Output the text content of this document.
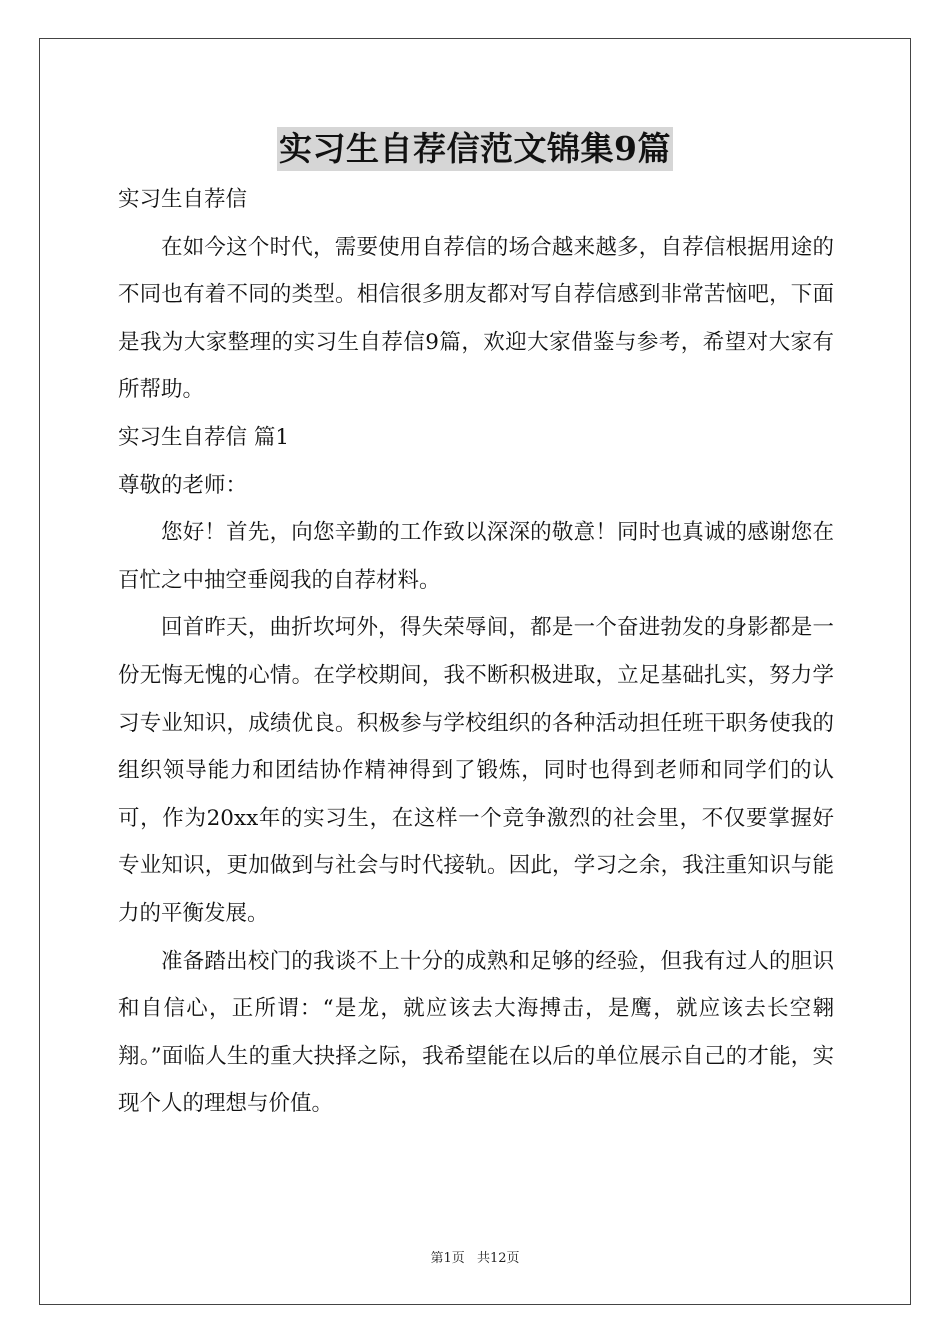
实习生自荐信范文锦集9篇

实习生自荐信

在如今这个时代，需要使用自荐信的场合越来越多，自荐信根据用途的不同也有着不同的类型。相信很多朋友都对写自荐信感到非常苦恼吧，下面是我为大家整理的实习生自荐信9篇，欢迎大家借鉴与参考，希望对大家有所帮助。

实习生自荐信 篇1

尊敬的老师：

您好！首先，向您辛勤的工作致以深深的敬意！同时也真诚的感谢您在百忙之中抽空垂阅我的自荐材料。

回首昨天，曲折坎坷外，得失荣辱间，都是一个奋进勃发的身影都是一份无悔无愧的心情。在学校期间，我不断积极进取，立足基础扎实，努力学习专业知识，成绩优良。积极参与学校组织的各种活动担任班干职务使我的组织领导能力和团结协作精神得到了锻炼，同时也得到老师和同学们的认可，作为20xx年的实习生，在这样一个竞争激烈的社会里，不仅要掌握好专业知识，更加做到与社会与时代接轨。因此，学习之余，我注重知识与能力的平衡发展。

准备踏出校门的我谈不上十分的成熟和足够的经验，但我有过人的胆识和自信心，正所谓：“是龙，就应该去大海搏击，是鹰，就应该去长空翱翔。”面临人生的重大抉择之际，我希望能在以后的单位展示自己的才能，实现个人的理想与价值。

第1页 共12页
